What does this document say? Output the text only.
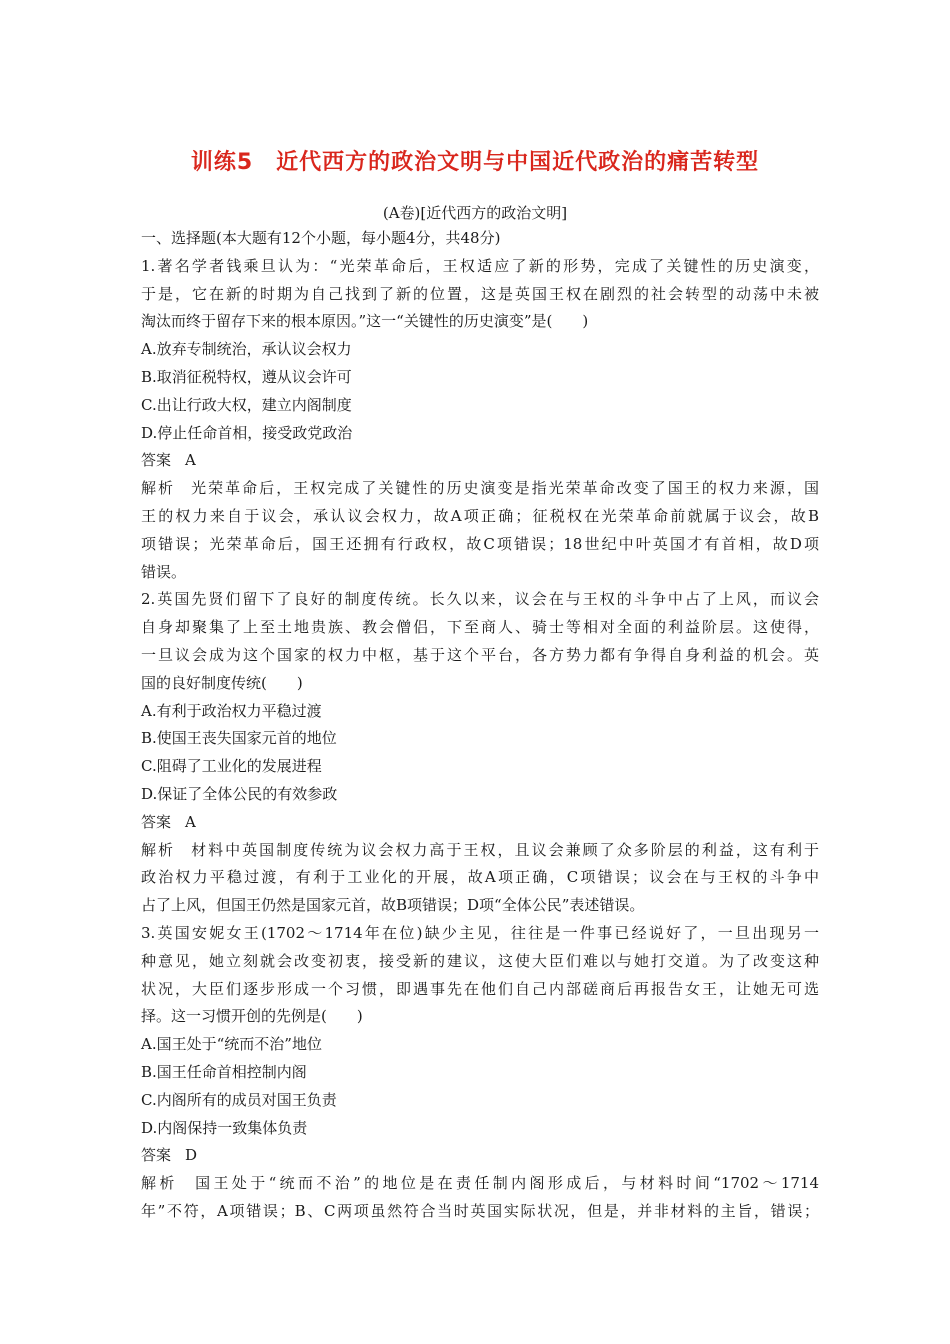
训练5　近代西方的政治文明与中国近代政治的痛苦转型
(A卷)[近代西方的政治文明]
一、选择题(本大题有12个小题，每小题4分，共48分)
1.著名学者钱乘旦认为：“光荣革命后，王权适应了新的形势，完成了关键性的历史演变，
于是，它在新的时期为自己找到了新的位置，这是英国王权在剧烈的社会转型的动荡中未被
淘汰而终于留存下来的根本原因。”这一“关键性的历史演变”是(　　)
A.放弃专制统治，承认议会权力
B.取消征税特权，遵从议会许可
C.出让行政大权，建立内阁制度
D.停止任命首相，接受政党政治
答案 A
解析 光荣革命后，王权完成了关键性的历史演变是指光荣革命改变了国王的权力来源，国
王的权力来自于议会，承认议会权力，故A项正确；征税权在光荣革命前就属于议会，故B
项错误；光荣革命后，国王还拥有行政权，故C项错误；18世纪中叶英国才有首相，故D项
错误。
2.英国先贤们留下了良好的制度传统。长久以来，议会在与王权的斗争中占了上风，而议会
自身却聚集了上至土地贵族、教会僧侣，下至商人、骑士等相对全面的利益阶层。这使得，
一旦议会成为这个国家的权力中枢，基于这个平台，各方势力都有争得自身利益的机会。英
国的良好制度传统(　　)
A.有利于政治权力平稳过渡
B.使国王丧失国家元首的地位
C.阻碍了工业化的发展进程
D.保证了全体公民的有效参政
答案 A
解析 材料中英国制度传统为议会权力高于王权，且议会兼顾了众多阶层的利益，这有利于
政治权力平稳过渡，有利于工业化的开展，故A项正确，C项错误；议会在与王权的斗争中
占了上风，但国王仍然是国家元首，故B项错误；D项“全体公民”表述错误。
3.英国安妮女王(1702～1714年在位)缺少主见，往往是一件事已经说好了，一旦出现另一
种意见，她立刻就会改变初衷，接受新的建议，这使大臣们难以与她打交道。为了改变这种
状况，大臣们逐步形成一个习惯，即遇事先在他们自己内部磋商后再报告女王，让她无可选
择。这一习惯开创的先例是(　　)
A.国王处于“统而不治”地位
B.国王任命首相控制内阁
C.内阁所有的成员对国王负责
D.内阁保持一致集体负责
答案 D
解析 国王处于“统而不治”的地位是在责任制内阁形成后，与材料时间“1702～1714
年”不符，A项错误；B、C两项虽然符合当时英国实际状况，但是，并非材料的主旨，错误；
